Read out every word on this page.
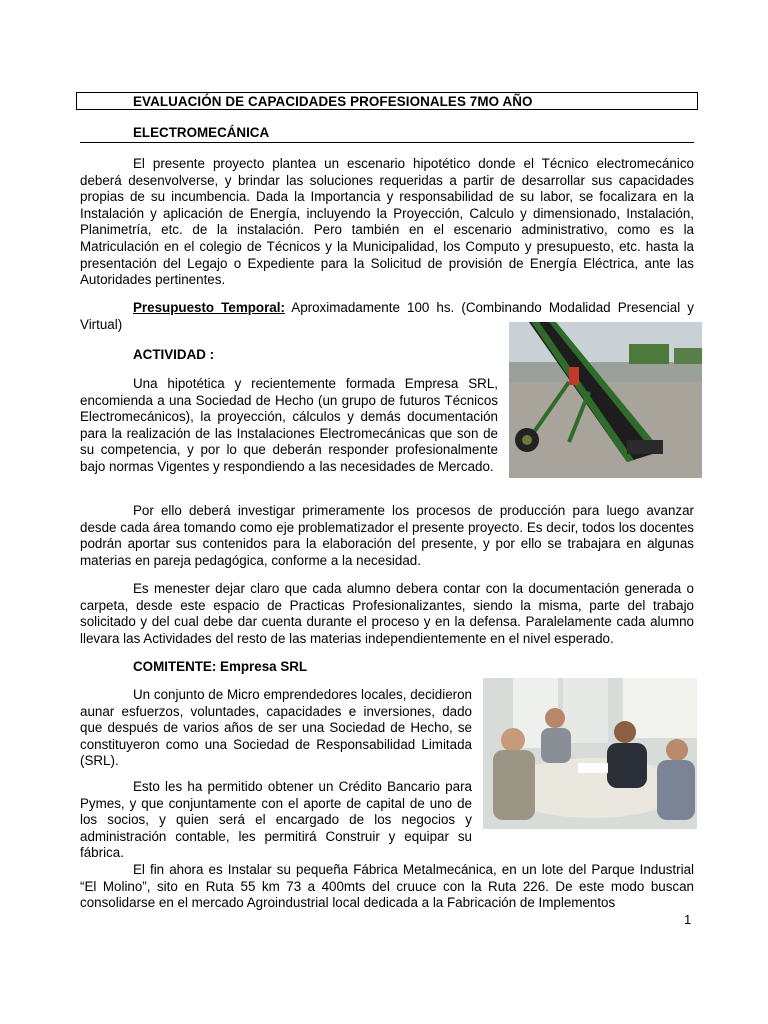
EVALUACIÓN DE CAPACIDADES PROFESIONALES 7MO AÑO
ELECTROMECÁNICA

El presente proyecto plantea un escenario hipotético donde el Técnico electromecánico deberá desenvolverse, y brindar las soluciones requeridas a partir de desarrollar sus capacidades propias de su incumbencia. Dada la Importancia y responsabilidad de su labor, se focalizara en la Instalación y aplicación de Energía, incluyendo la Proyección, Calculo y dimensionado, Instalación, Planimetría, etc. de la instalación. Pero también en el escenario administrativo, como es la Matriculación en el colegio de Técnicos y la Municipalidad, los Computo y presupuesto, etc. hasta la presentación del Legajo o Expediente para la Solicitud de provisión de Energía Eléctrica, ante las Autoridades pertinentes.

Presupuesto Temporal: Aproximadamente 100 hs. (Combinando Modalidad Presencial y Virtual)

ACTIVIDAD :

Una hipotética y recientemente formada Empresa SRL, encomienda a una Sociedad de Hecho (un grupo de futuros Técnicos Electromecánicos), la proyección, cálculos y demás documentación para la realización de las Instalaciones Electromecánicas que son de su competencia, y por lo que deberán responder profesionalmente bajo normas Vigentes y respondiendo a las necesidades de Mercado.

Por ello deberá investigar primeramente los procesos de producción para luego avanzar desde cada área tomando como eje problematizador el presente proyecto. Es decir, todos los docentes podrán aportar sus contenidos para la elaboración del presente, y por ello se trabajara en algunas materias en pareja pedagógica, conforme a la necesidad.

Es menester dejar claro que cada alumno debera contar con la documentación generada o carpeta, desde este espacio de Practicas Profesionalizantes, siendo la misma, parte del trabajo solicitado y del cual debe dar cuenta durante el proceso y en la defensa. Paralelamente cada alumno llevara las Actividades del resto de las materias independientemente en el nivel esperado.

COMITENTE: Empresa SRL

Un conjunto de Micro emprendedores locales, decidieron aunar esfuerzos, voluntades, capacidades e inversiones, dado que después de varios años de ser una Sociedad de Hecho, se constituyeron como una Sociedad de Responsabilidad Limitada (SRL).

Esto les ha permitido obtener un Crédito Bancario para Pymes, y que conjuntamente con el aporte de capital de uno de los socios, y quien será el encargado de los negocios y administración contable, les permitirá Construir y equipar su fábrica.

El fin ahora es Instalar su pequeña Fábrica Metalmecánica, en un lote del Parque Industrial “El Molino”, sito en Ruta 55 km 73 a 400mts del cruuce con la Ruta 226. De este modo buscan consolidarse en el mercado Agroindustrial local dedicada a la Fabricación de Implementos

1
